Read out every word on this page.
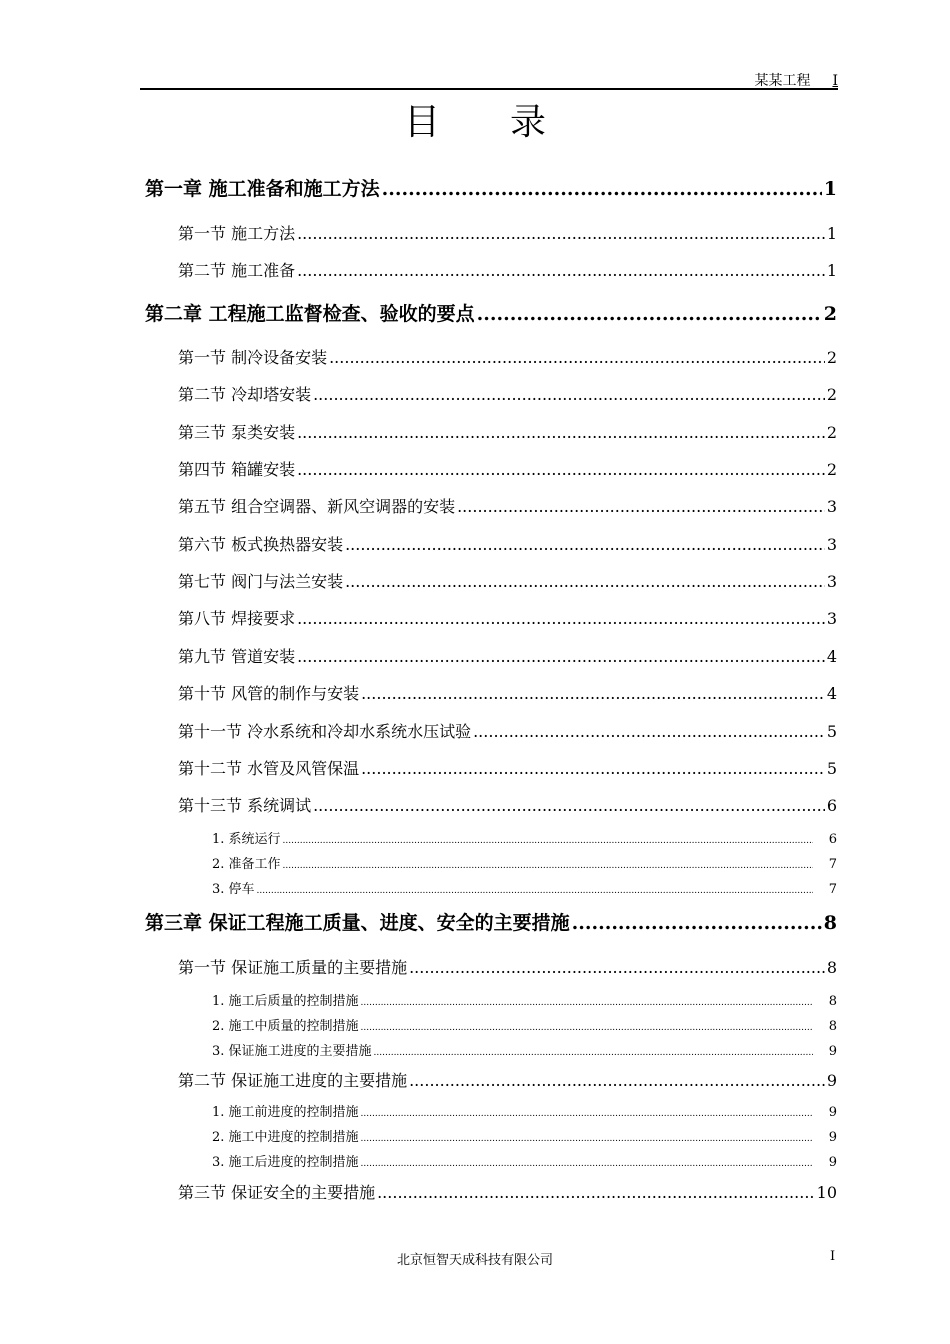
某某工程 I
目录
第一章 施工准备和施工方法 .....	1
第一节 施工方法 .....	1
第二节 施工准备 .....	1
第二章 工程施工监督检查、验收的要点 .....	2
第一节 制冷设备安装 .....	2
第二节 冷却塔安装 .....	2
第三节 泵类安装 .....	2
第四节 箱罐安装 .....	2
第五节 组合空调器、新风空调器的安装 .....	3
第六节 板式换热器安装 .....	3
第七节 阀门与法兰安装 .....	3
第八节 焊接要求 .....	3
第九节 管道安装 .....	4
第十节 风管的制作与安装 .....	4
第十一节 冷水系统和冷却水系统水压试验 .....	5
第十二节 水管及风管保温 .....	5
第十三节 系统调试 .....	6
1. 系统运行 .....	6
2. 准备工作 .....	7
3. 停车 .....	7
第三章 保证工程施工质量、进度、安全的主要措施 .....	8
第一节 保证施工质量的主要措施 .....	8
1. 施工后质量的控制措施 .....	8
2. 施工中质量的控制措施 .....	8
3. 保证施工进度的主要措施 .....	9
第二节 保证施工进度的主要措施 .....	9
1. 施工前进度的控制措施 .....	9
2. 施工中进度的控制措施 .....	9
3. 施工后进度的控制措施 .....	9
第三节 保证安全的主要措施 .....	10
北京恒智天成科技有限公司	I
